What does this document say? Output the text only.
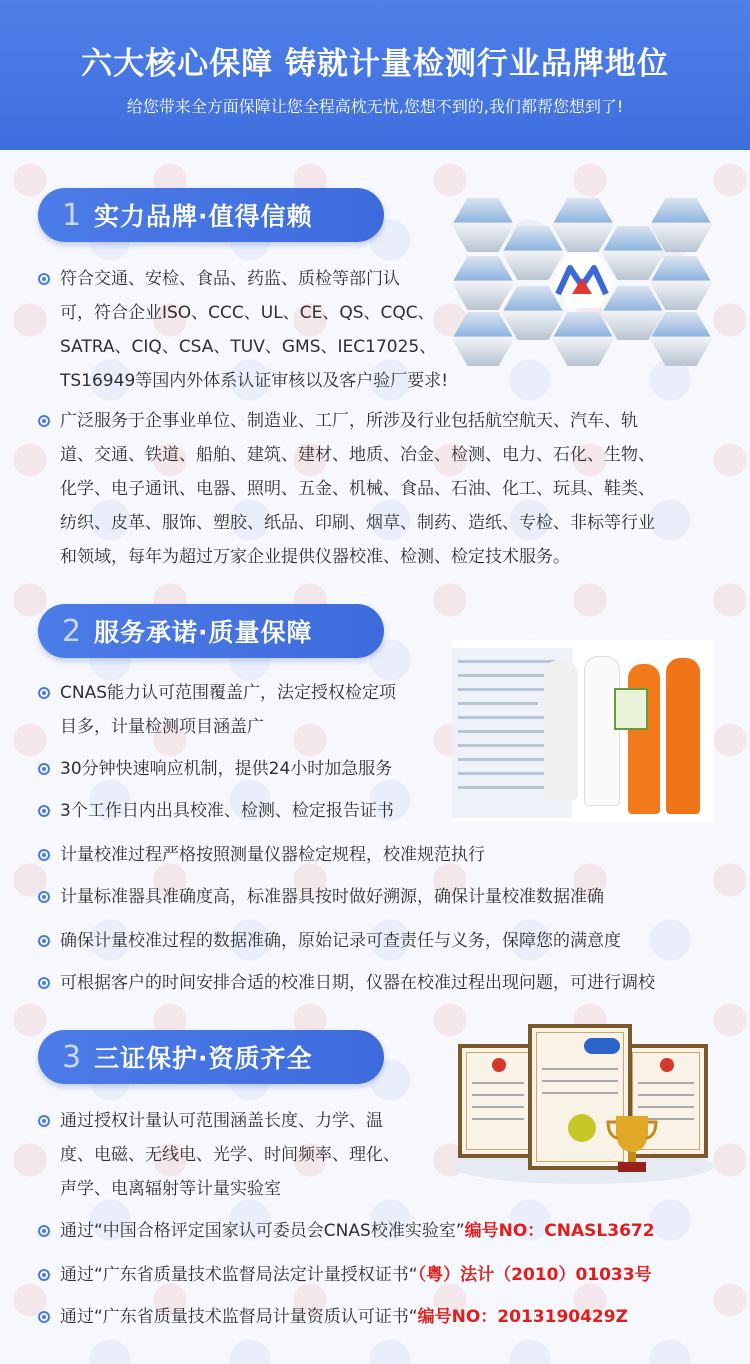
六大核心保障 铸就计量检测行业品牌地位

给您带来全方面保障让您全程高枕无忧,您想不到的,我们都帮您想到了!

1 实力品牌·值得信赖
符合交通、安检、食品、药监、质检等部门认
可，符合企业ISO、CCC、UL、CE、QS、CQC、
SATRA、CIQ、CSA、TUV、GMS、IEC17025、
TS16949等国内外体系认证审核以及客户验厂要求!
广泛服务于企事业单位、制造业、工厂，所涉及行业包括航空航天、汽车、轨
道、交通、铁道、船舶、建筑、建材、地质、冶金、检测、电力、石化、生物、
化学、电子通讯、电器、照明、五金、机械、食品、石油、化工、玩具、鞋类、
纺织、皮革、服饰、塑胶、纸品、印刷、烟草、制药、造纸、专检、非标等行业
和领域，每年为超过万家企业提供仪器校准、检测、检定技术服务。
2 服务承诺·质量保障
CNAS能力认可范围覆盖广，法定授权检定项
目多，计量检测项目涵盖广
30分钟快速响应机制，提供24小时加急服务
3个工作日内出具校准、检测、检定报告证书
计量校准过程严格按照测量仪器检定规程，校准规范执行
计量标准器具准确度高，标准器具按时做好溯源，确保计量校准数据准确
确保计量校准过程的数据准确，原始记录可查责任与义务，保障您的满意度
可根据客户的时间安排合适的校准日期，仪器在校准过程出现问题，可进行调校
3 三证保护·资质齐全
通过授权计量认可范围涵盖长度、力学、温
度、电磁、无线电、光学、时间频率、理化、
声学、电离辐射等计量实验室
通过“中国合格评定国家认可委员会CNAS校准实验室”编号NO：CNASL3672
通过“广东省质量技术监督局法定计量授权证书“（粤）法计（2010）01033号
通过“广东省质量技术监督局计量资质认可证书“编号NO：2013190429Z
